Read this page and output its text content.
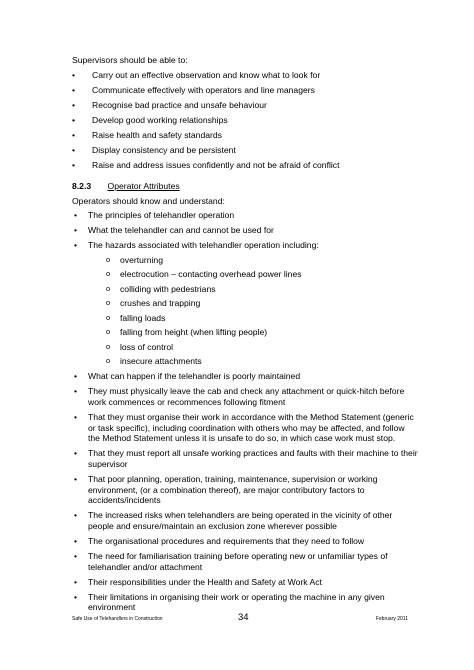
Supervisors should be able to:
• Carry out an effective observation and know what to look for
• Communicate effectively with operators and line managers
• Recognise bad practice and unsafe behaviour
• Develop good working relationships
• Raise health and safety standards
• Display consistency and be persistent
• Raise and address issues confidently and not be afraid of conflict
8.2.3 Operator Attributes
Operators should know and understand:
• The principles of telehandler operation
• What the telehandler can and cannot be used for
• The hazards associated with telehandler operation including:
o overturning
o electrocution – contacting overhead power lines
o colliding with pedestrians
o crushes and trapping
o falling loads
o falling from height (when lifting people)
o loss of control
o insecure attachments
• What can happen if the telehandler is poorly maintained
• They must physically leave the cab and check any attachment or quick-hitch before work commences or recommences following fitment
• That they must organise their work in accordance with the Method Statement (generic or task specific), including coordination with others who may be affected, and follow the Method Statement unless it is unsafe to do so, in which case work must stop.
• That they must report all unsafe working practices and faults with their machine to their supervisor
• That poor planning, operation, training, maintenance, supervision or working environment, (or a combination thereof), are major contributory factors to accidents/incidents
• The increased risks when telehandlers are being operated in the vicinity of other people and ensure/maintain an exclusion zone wherever possible
• The organisational procedures and requirements that they need to follow
• The need for familiarisation training before operating new or unfamiliar types of telehandler and/or attachment
• Their responsibilities under the Health and Safety at Work Act
• Their limitations in organising their work or operating the machine in any given environment
Safe Use of Telehandlers in Construction	34	February 2011
